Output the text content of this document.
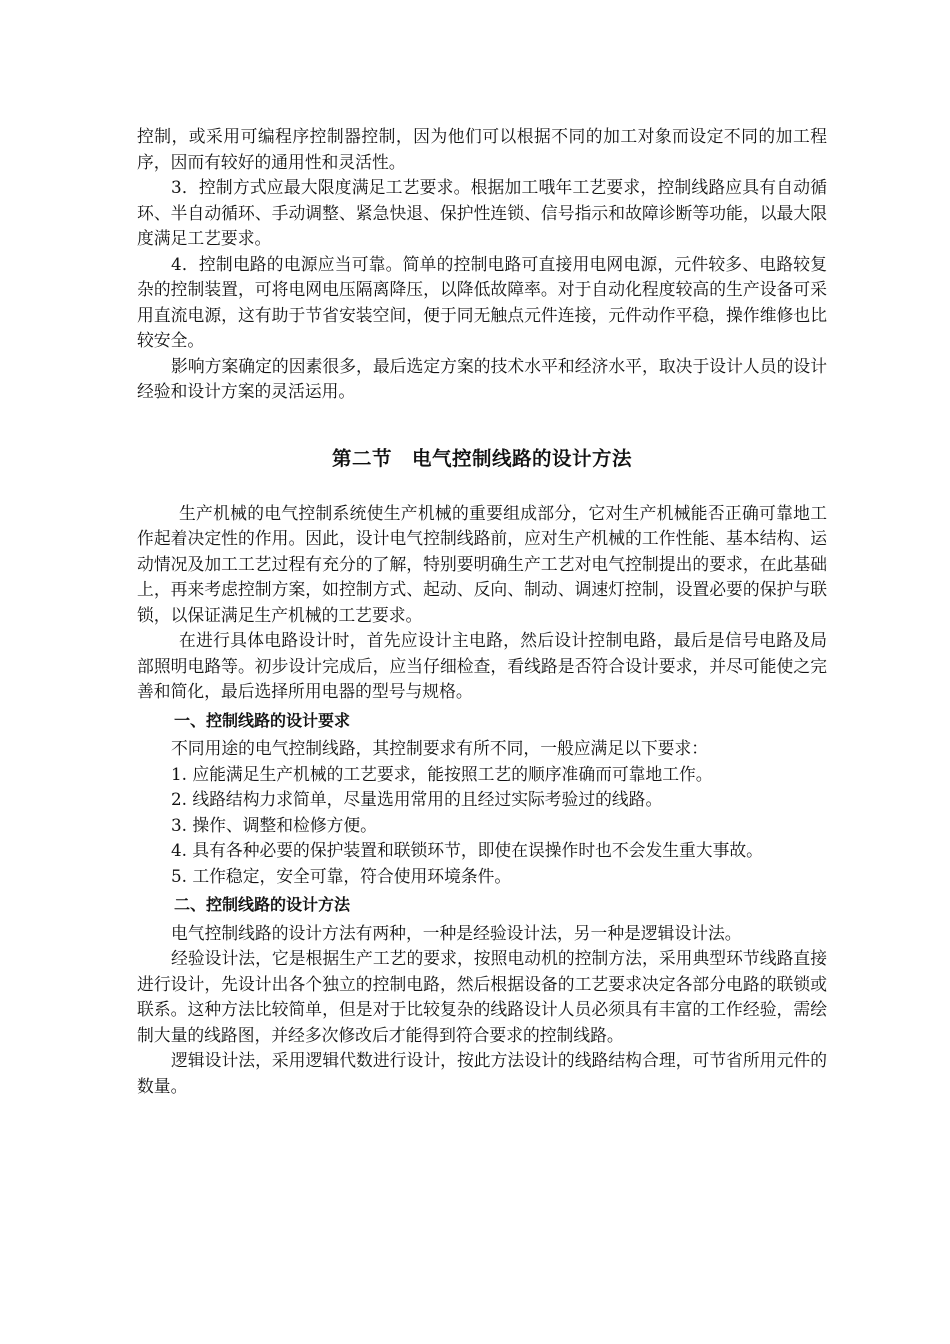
控制，或采用可编程序控制器控制，因为他们可以根据不同的加工对象而设定不同的加工程序，因而有较好的通用性和灵活性。

3．控制方式应最大限度满足工艺要求。根据加工哦年工艺要求，控制线路应具有自动循环、半自动循环、手动调整、紧急快退、保护性连锁、信号指示和故障诊断等功能，以最大限度满足工艺要求。

4．控制电路的电源应当可靠。简单的控制电路可直接用电网电源，元件较多、电路较复杂的控制装置，可将电网电压隔离降压，以降低故障率。对于自动化程度较高的生产设备可采用直流电源，这有助于节省安装空间，便于同无触点元件连接，元件动作平稳，操作维修也比较安全。

影响方案确定的因素很多，最后选定方案的技术水平和经济水平，取决于设计人员的设计经验和设计方案的灵活运用。

第二节　电气控制线路的设计方法

生产机械的电气控制系统使生产机械的重要组成部分，它对生产机械能否正确可靠地工作起着决定性的作用。因此，设计电气控制线路前，应对生产机械的工作性能、基本结构、运动情况及加工工艺过程有充分的了解，特别要明确生产工艺对电气控制提出的要求，在此基础上，再来考虑控制方案，如控制方式、起动、反向、制动、调速灯控制，设置必要的保护与联锁，以保证满足生产机械的工艺要求。

在进行具体电路设计时，首先应设计主电路，然后设计控制电路，最后是信号电路及局部照明电路等。初步设计完成后，应当仔细检查，看线路是否符合设计要求，并尽可能使之完善和简化，最后选择所用电器的型号与规格。

一、控制线路的设计要求

不同用途的电气控制线路，其控制要求有所不同，一般应满足以下要求：

1. 应能满足生产机械的工艺要求，能按照工艺的顺序准确而可靠地工作。

2. 线路结构力求简单，尽量选用常用的且经过实际考验过的线路。

3. 操作、调整和检修方便。

4. 具有各种必要的保护装置和联锁环节，即使在误操作时也不会发生重大事故。

5. 工作稳定，安全可靠，符合使用环境条件。

二、控制线路的设计方法

电气控制线路的设计方法有两种，一种是经验设计法，另一种是逻辑设计法。

经验设计法，它是根据生产工艺的要求，按照电动机的控制方法，采用典型环节线路直接进行设计，先设计出各个独立的控制电路，然后根据设备的工艺要求决定各部分电路的联锁或联系。这种方法比较简单，但是对于比较复杂的线路设计人员必须具有丰富的工作经验，需绘制大量的线路图，并经多次修改后才能得到符合要求的控制线路。

逻辑设计法，采用逻辑代数进行设计，按此方法设计的线路结构合理，可节省所用元件的数量。
